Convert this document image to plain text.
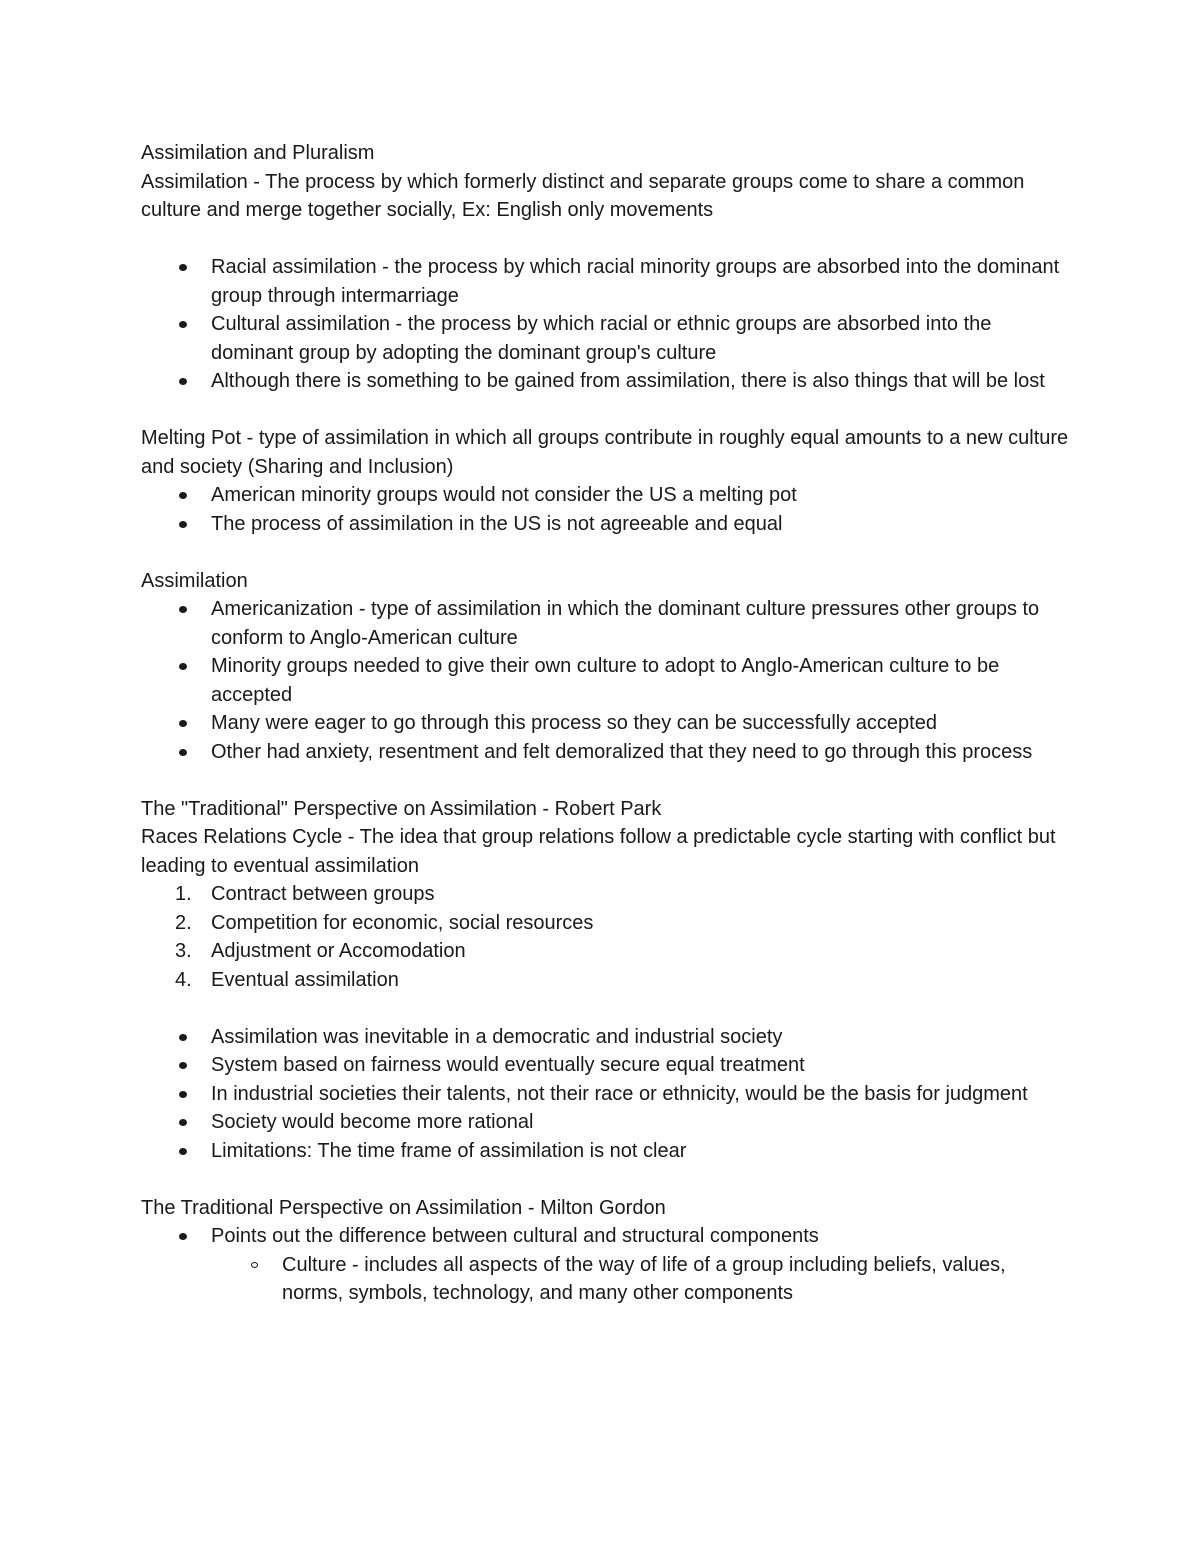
Assimilation and Pluralism

Assimilation - The process by which formerly distinct and separate groups come to share a common culture and merge together socially, Ex: English only movements

Racial assimilation - the process by which racial minority groups are absorbed into the dominant group through intermarriage
Cultural assimilation - the process by which racial or ethnic groups are absorbed into the dominant group by adopting the dominant group's culture
Although there is something to be gained from assimilation, there is also things that will be lost

Melting Pot - type of assimilation in which all groups contribute in roughly equal amounts to a new culture and society (Sharing and Inclusion)

American minority groups would not consider the US a melting pot
The process of assimilation in the US is not agreeable and equal

Assimilation

Americanization - type of assimilation in which the dominant culture pressures other groups to conform to Anglo-American culture
Minority groups needed to give their own culture to adopt to Anglo-American culture to be accepted
Many were eager to go through this process so they can be successfully accepted
Other had anxiety, resentment and felt demoralized that they need to go through this process

The "Traditional" Perspective on Assimilation - Robert Park

Races Relations Cycle - The idea that group relations follow a predictable cycle starting with conflict but leading to eventual assimilation

1. Contract between groups
2. Competition for economic, social resources
3. Adjustment or Accomodation
4. Eventual assimilation
Assimilation was inevitable in a democratic and industrial society
System based on fairness would eventually secure equal treatment
In industrial societies their talents, not their race or ethnicity, would be the basis for judgment
Society would become more rational
Limitations: The time frame of assimilation is not clear

The Traditional Perspective on Assimilation - Milton Gordon

Points out the difference between cultural and structural components
Culture - includes all aspects of the way of life of a group including beliefs, values, norms, symbols, technology, and many other components
